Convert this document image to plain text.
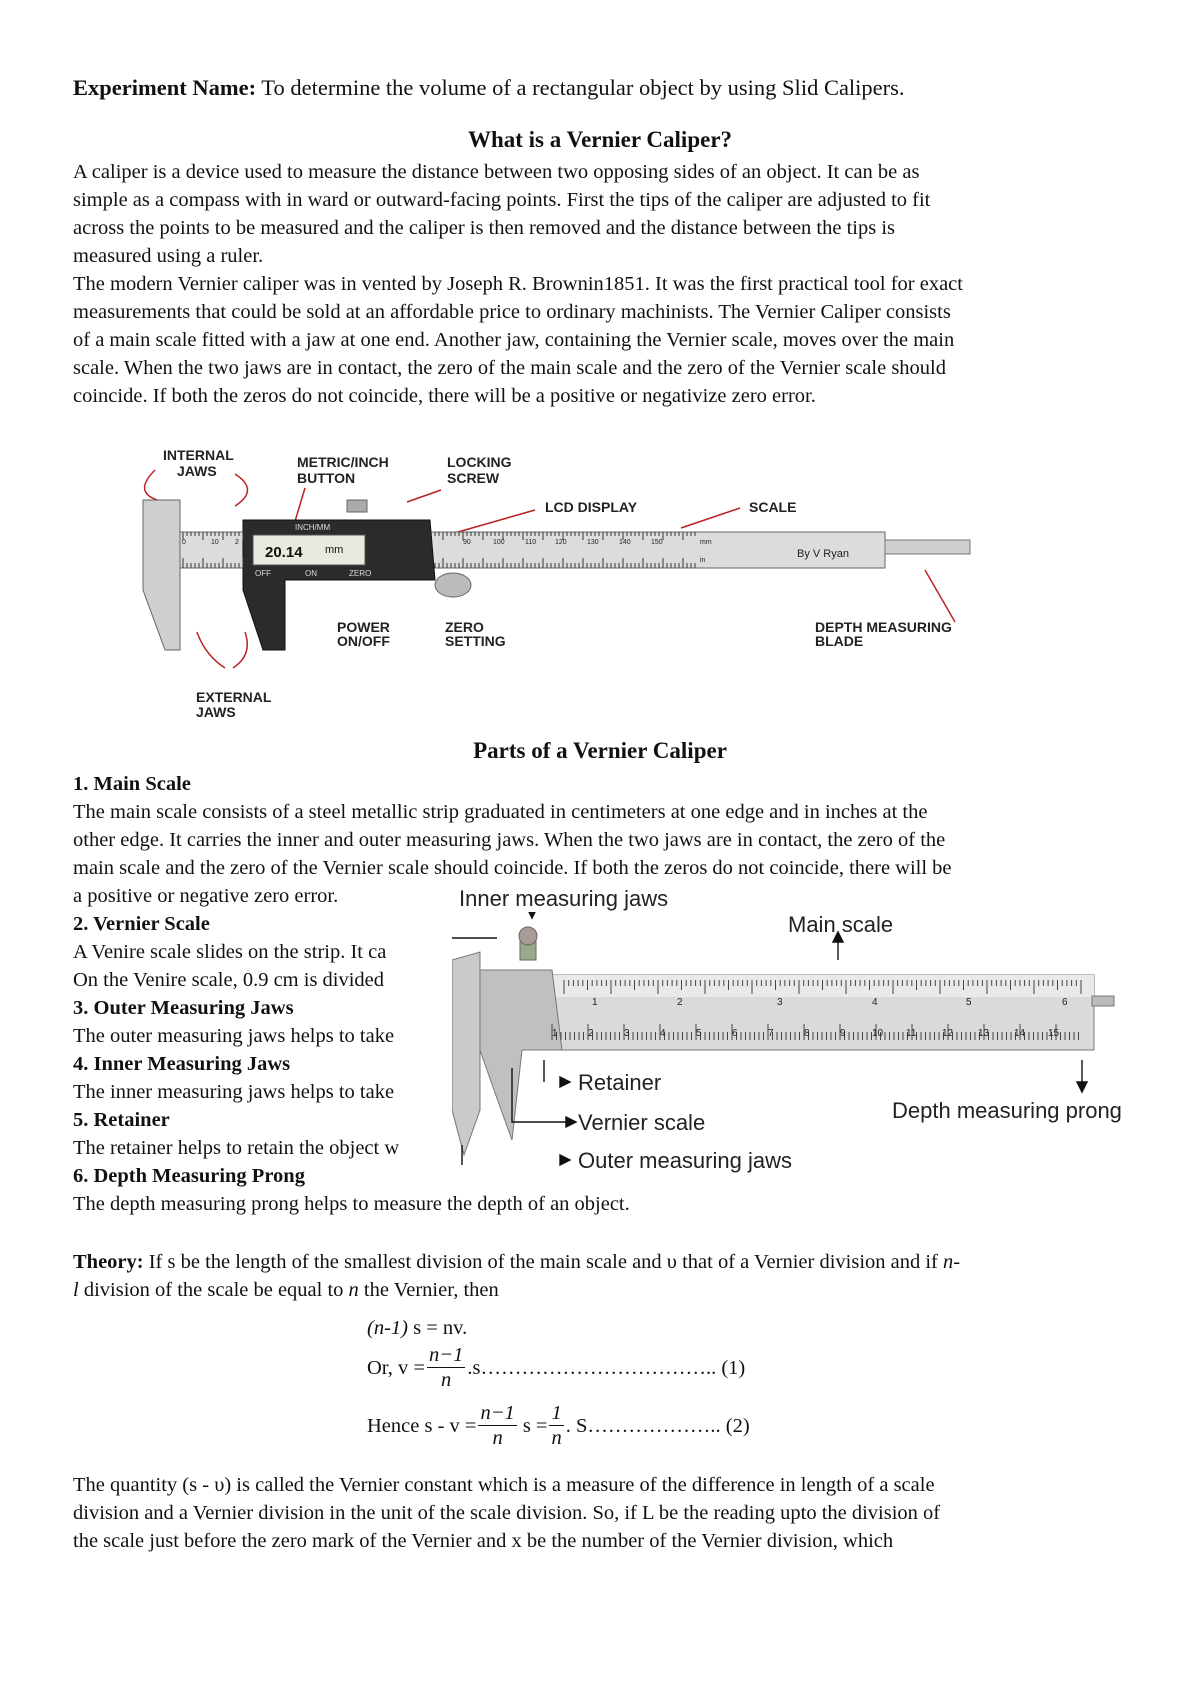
Experiment Name: To determine the volume of a rectangular object by using Slid Calipers.
What is a Vernier Caliper?
A caliper is a device used to measure the distance between two opposing sides of an object. It can be as
simple as a compass with in ward or outward-facing points. First the tips of the caliper are adjusted to fit
across the points to be measured and the caliper is then removed and the distance between the tips is
measured using a ruler.
The modern Vernier caliper was in vented by Joseph R. Brownin1851. It was the first practical tool for exact
measurements that could be sold at an affordable price to ordinary machinists. The Vernier Caliper consists
of a main scale fitted with a jaw at one end. Another jaw, containing the Vernier scale, moves over the main
scale. When the two jaws are in contact, the zero of the main scale and the zero of the Vernier scale should
coincide. If both the zeros do not coincide, there will be a positive or negativize zero error.
INTERNAL
JAWS
METRIC/INCH
BUTTON
LOCKING
SCREW
LCD DISPLAY	SCALE
POWER
ON/OFF
ZERO
SETTING
DEPTH MEASURING
BLADE
EXTERNAL
JAWS
20.14 mm
INCH/MM
OFF	ON	ZERO
0	10 2	90	100	110	120	130	140	150	mm
in
By V Ryan
Parts of a Vernier Caliper
1. Main Scale
The main scale consists of a steel metallic strip graduated in centimeters at one edge and in inches at the
other edge. It carries the inner and outer measuring jaws. When the two jaws are in contact, the zero of the
main scale and the zero of the Vernier scale should coincide. If both the zeros do not coincide, there will be
a positive or negative zero error.
2. Vernier Scale
A Venire scale slides on the strip. It ca
On the Venire scale, 0.9 cm is divided
3. Outer Measuring Jaws
The outer measuring jaws helps to take
4. Inner Measuring Jaws
The inner measuring jaws helps to take
5. Retainer
The retainer helps to retain the object w
6. Depth Measuring Prong
The depth measuring prong helps to measure the depth of an object.
1	2	3	4	5	6
1	2	3	4	5	6	7	8	9	10 11	12 13 14 15
Main scale
Retainer
Vernier scale
Outer measuring jaws
Depth measuring prong
Inner measuring jaws
Theory: If s be the length of the smallest division of the main scale and υ that of a Vernier division and if n-
l division of the scale be equal to n the Vernier, then
(n-1) s = nv.
Or, $v = \frac{n-1}{n}$ .s…………………………….. (1)
Hence $s - v = \frac{n-1}{n}$ $s = \frac{1}{n}$ . S……………….. (2)
The quantity (s - υ) is called the Vernier constant which is a measure of the difference in length of a scale
division and a Vernier division in the unit of the scale division. So, if L be the reading upto the division of
the scale just before the zero mark of the Vernier and x be the number of the Vernier division, which
